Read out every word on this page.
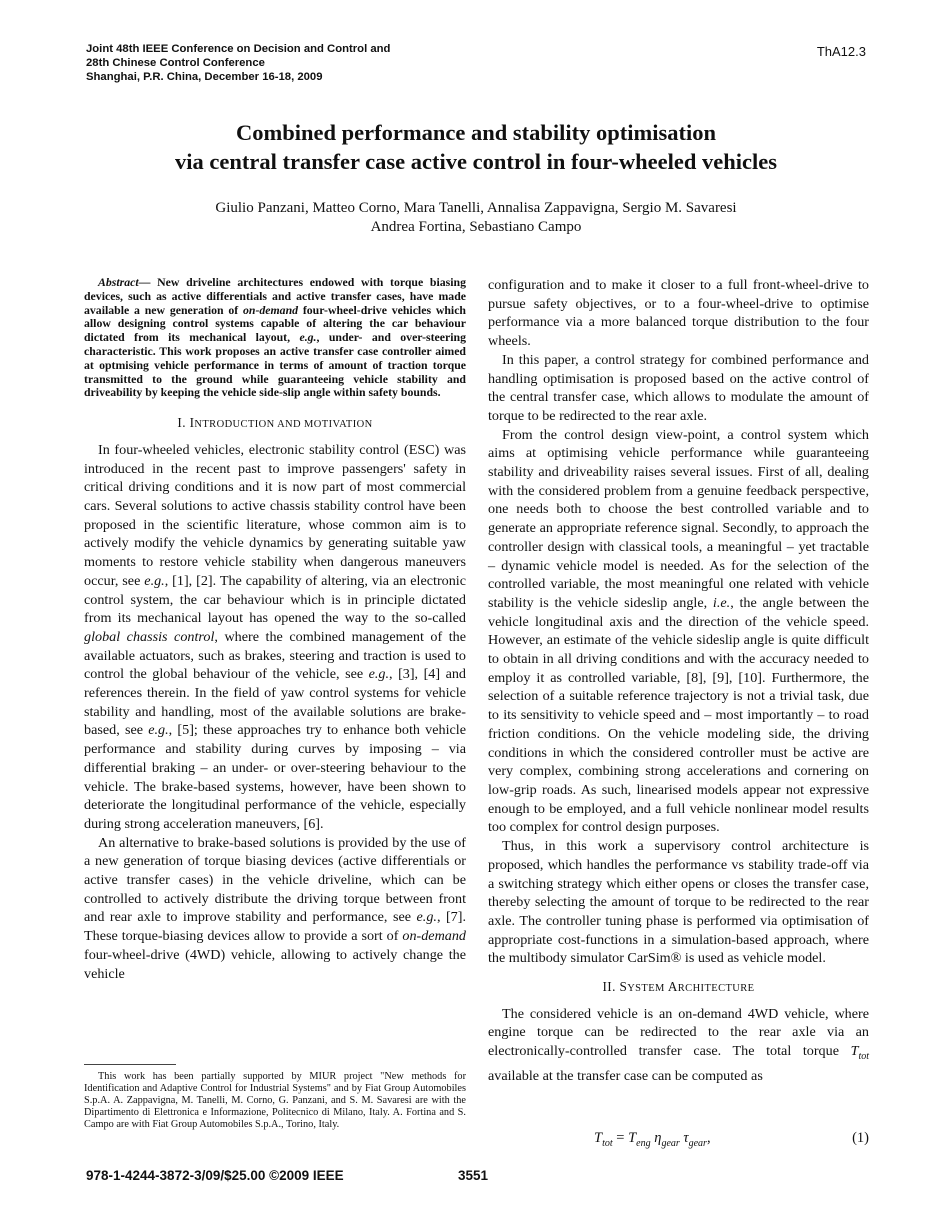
Joint 48th IEEE Conference on Decision and Control and
28th Chinese Control Conference
Shanghai, P.R. China, December 16-18, 2009
ThA12.3
Combined performance and stability optimisation
via central transfer case active control in four-wheeled vehicles
Giulio Panzani, Matteo Corno, Mara Tanelli, Annalisa Zappavigna, Sergio M. Savaresi
Andrea Fortina, Sebastiano Campo

Abstract— New driveline architectures endowed with torque biasing devices, such as active differentials and active transfer cases, have made available a new generation of on-demand four-wheel-drive vehicles which allow designing control systems capable of altering the car behaviour dictated from its mechanical layout, e.g., under- and over-steering characteristic. This work proposes an active transfer case controller aimed at optmising vehicle performance in terms of amount of traction torque transmitted to the ground while guaranteeing vehicle stability and driveability by keeping the vehicle side-slip angle within safety bounds.

I. INTRODUCTION AND MOTIVATION

In four-wheeled vehicles, electronic stability control (ESC) was introduced in the recent past to improve passengers' safety in critical driving conditions and it is now part of most commercial cars. Several solutions to active chassis stability control have been proposed in the scientific literature, whose common aim is to actively modify the vehicle dynamics by generating suitable yaw moments to restore vehicle stability when dangerous maneuvers occur, see e.g., [1], [2]. The capability of altering, via an electronic control system, the car behaviour which is in principle dictated from its mechanical layout has opened the way to the so-called global chassis control, where the combined management of the available actuators, such as brakes, steering and traction is used to control the global behaviour of the vehicle, see e.g., [3], [4] and references therein. In the field of yaw control systems for vehicle stability and handling, most of the available solutions are brake-based, see e.g., [5]; these approaches try to enhance both vehicle performance and stability during curves by imposing – via differential braking – an under- or over-steering behaviour to the vehicle. The brake-based systems, however, have been shown to deteriorate the longitudinal performance of the vehicle, especially during strong acceleration maneuvers, [6].

An alternative to brake-based solutions is provided by the use of a new generation of torque biasing devices (active differentials or active transfer cases) in the vehicle driveline, which can be controlled to actively distribute the driving torque between front and rear axle to improve stability and performance, see e.g., [7]. These torque-biasing devices allow to provide a sort of on-demand four-wheel-drive (4WD) vehicle, allowing to actively change the vehicle

This work has been partially supported by MIUR project "New methods for Identification and Adaptive Control for Industrial Systems" and by Fiat Group Automobiles S.p.A. A. Zappavigna, M. Tanelli, M. Corno, G. Panzani, and S. M. Savaresi are with the Dipartimento di Elettronica e Informazione, Politecnico di Milano, Italy. A. Fortina and S. Campo are with Fiat Group Automobiles S.p.A., Torino, Italy.

configuration and to make it closer to a full front-wheel-drive to pursue safety objectives, or to a four-wheel-drive to optimise performance via a more balanced torque distribution to the four wheels.

In this paper, a control strategy for combined performance and handling optimisation is proposed based on the active control of the central transfer case, which allows to modulate the amount of torque to be redirected to the rear axle.

From the control design view-point, a control system which aims at optimising vehicle performance while guaranteeing stability and driveability raises several issues. First of all, dealing with the considered problem from a genuine feedback perspective, one needs both to choose the best controlled variable and to generate an appropriate reference signal. Secondly, to approach the controller design with classical tools, a meaningful – yet tractable – dynamic vehicle model is needed. As for the selection of the controlled variable, the most meaningful one related with vehicle stability is the vehicle sideslip angle, i.e., the angle between the vehicle longitudinal axis and the direction of the vehicle speed. However, an estimate of the vehicle sideslip angle is quite difficult to obtain in all driving conditions and with the accuracy needed to employ it as controlled variable, [8], [9], [10]. Furthermore, the selection of a suitable reference trajectory is not a trivial task, due to its sensitivity to vehicle speed and – most importantly – to road friction conditions. On the vehicle modeling side, the driving conditions in which the considered controller must be active are very complex, combining strong accelerations and cornering on low-grip roads. As such, linearised models appear not expressive enough to be employed, and a full vehicle nonlinear model results too complex for control design purposes.

Thus, in this work a supervisory control architecture is proposed, which handles the performance vs stability trade-off via a switching strategy which either opens or closes the transfer case, thereby selecting the amount of torque to be redirected to the rear axle. The controller tuning phase is performed via optimisation of appropriate cost-functions in a simulation-based approach, where the multibody simulator CarSim® is used as vehicle model.

II. SYSTEM ARCHITECTURE

The considered vehicle is an on-demand 4WD vehicle, where engine torque can be redirected to the rear axle via an electronically-controlled transfer case. The total torque $T_{tot}$ available at the transfer case can be computed as

$T_{tot} = T_{eng}$ $\eta_{gear}$ $\tau_{gear}$,	(1)
978-1-4244-3872-3/09/$25.00 ©2009 IEEE	3551
